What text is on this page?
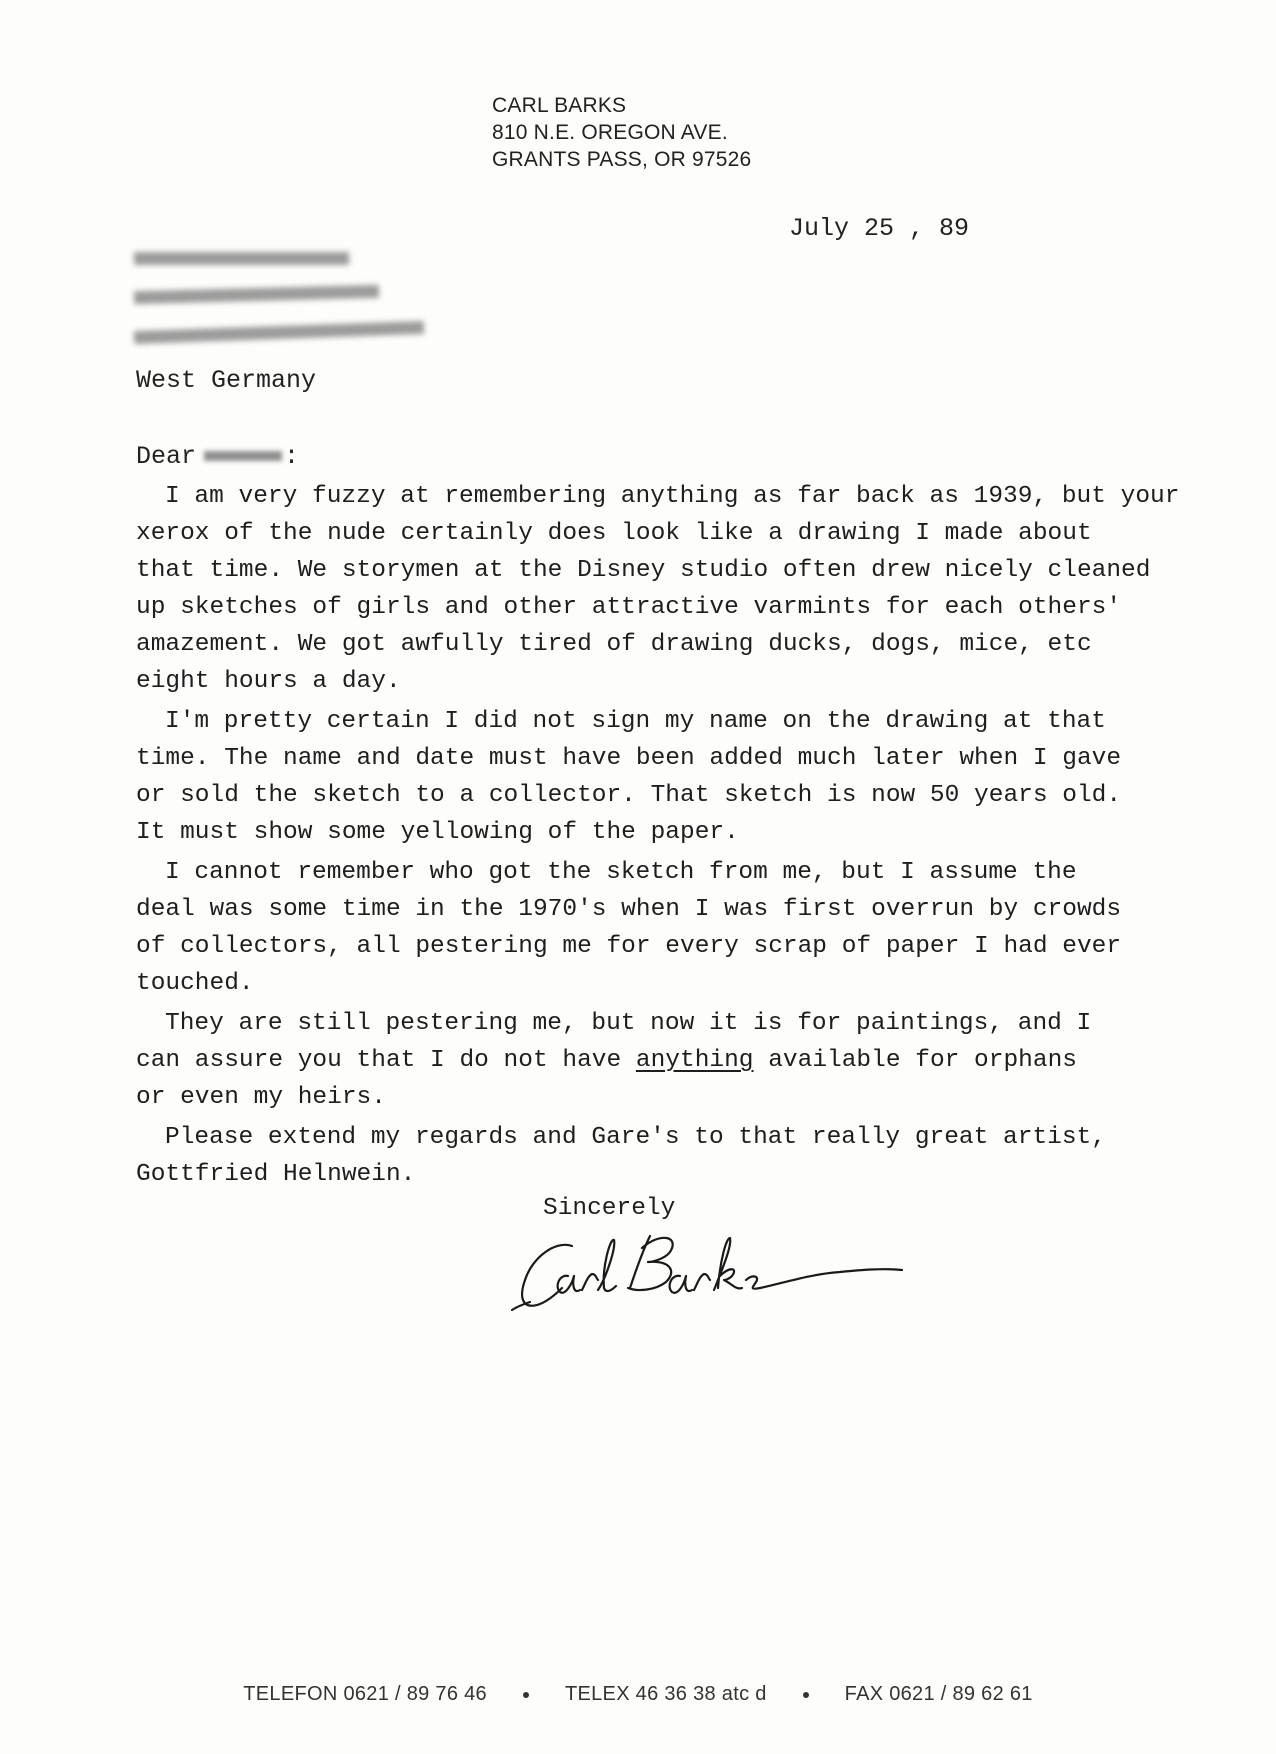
CARL BARKS
810 N.E. OREGON AVE.
GRANTS PASS, OR 97526
July 25 , 89
West Germany
Dear	:
I am very fuzzy at remembering anything as far back as 1939, but your
xerox of the nude certainly does look like a drawing I made about
that time. We storymen at the Disney studio often drew nicely cleaned
up sketches of girls and other attractive varmints for each others'
amazement. We got awfully tired of drawing ducks, dogs, mice, etc
eight hours a day.
I'm pretty certain I did not sign my name on the drawing at that
time. The name and date must have been added much later when I gave
or sold the sketch to a collector. That sketch is now 50 years old.
It must show some yellowing of the paper.
I cannot remember who got the sketch from me, but I assume the
deal was some time in the 1970's when I was first overrun by crowds
of collectors, all pestering me for every scrap of paper I had ever
touched.
They are still pestering me, but now it is for paintings, and I
can assure you that I do not have anything available for orphans
or even my heirs.
Please extend my regards and Gare's to that really great artist,
Gottfried Helnwein.
Sincerely
TELEFON 0621 / 89 76 46	TELEX 46 36 38 atc d	FAX 0621 / 89 62 61
